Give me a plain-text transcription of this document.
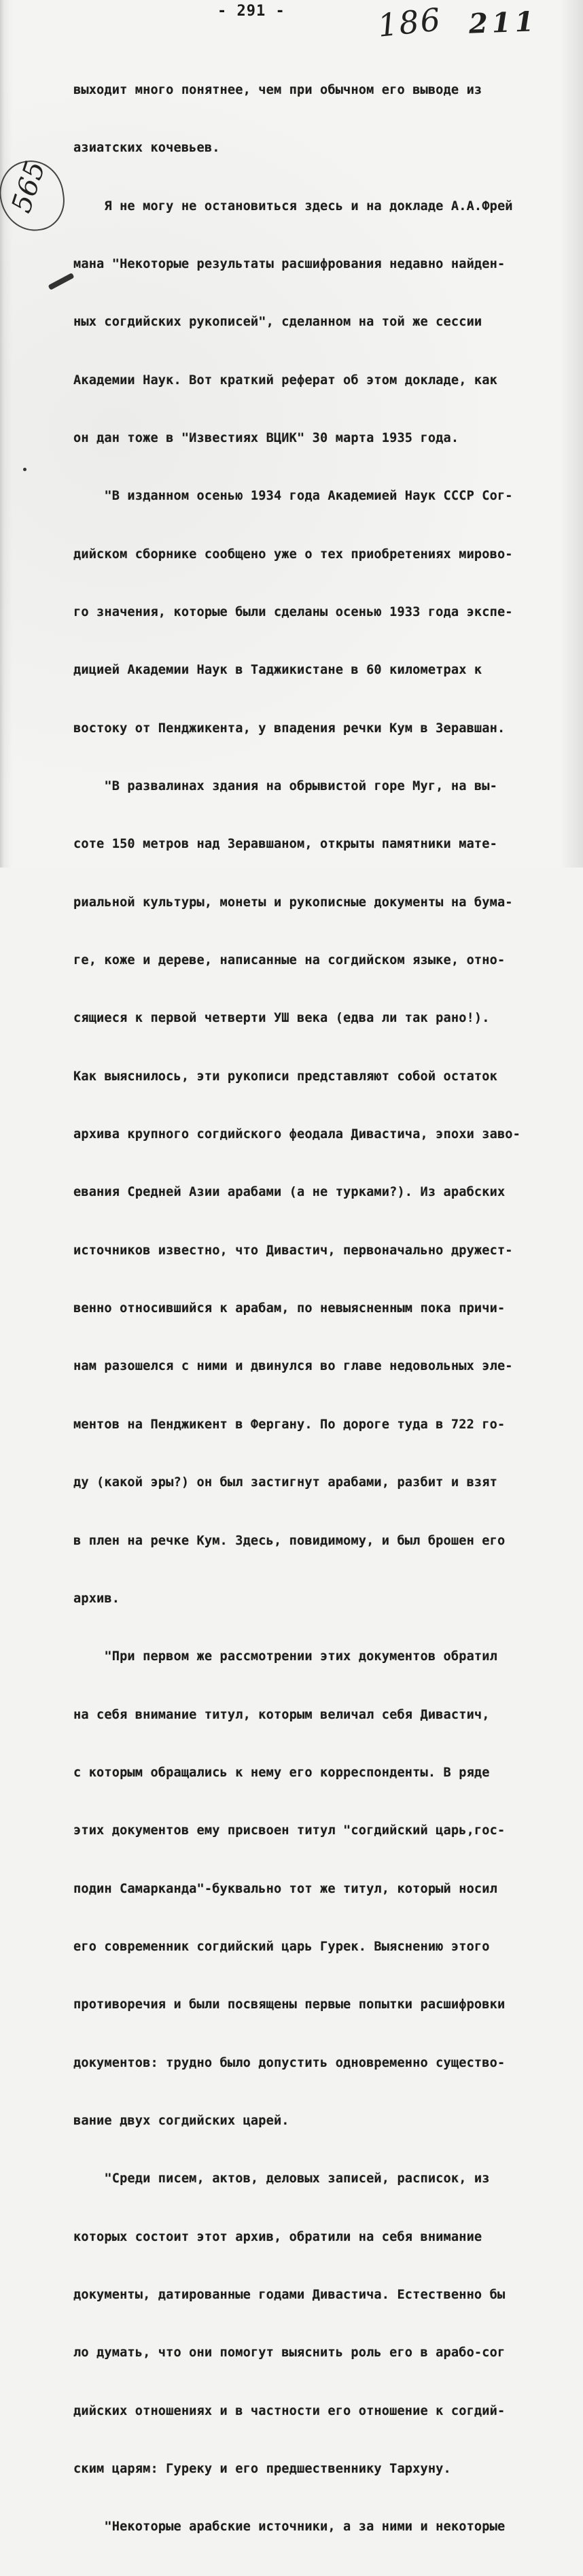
- 291 -	186 211
565

выходит много понятнее, чем при обычном его выводе из

азиатских кочевьев.

Я не могу не остановиться здесь и на докладе А.А.Фрей

мана "Некоторые результаты расшифрования недавно найден-

ных согдийских рукописей", сделанном на той же сессии

Академии Наук. Вот краткий реферат об этом докладе, как

он дан тоже в "Известиях ВЦИК" 30 марта 1935 года.

"В изданном осенью 1934 года Академией Наук СССР Сог-

дийском сборнике сообщено уже о тех приобретениях мирово-

го значения, которые были сделаны осенью 1933 года экспе-

дицией Академии Наук в Таджикистане в 60 километрах к

востоку от Пенджикента, у впадения речки Кум в Зеравшан.

"В развалинах здания на обрывистой горе Муг, на вы-

соте 150 метров над Зеравшаном, открыты памятники мате-

риальной культуры, монеты и рукописные документы на бума-

ге, коже и дереве, написанные на согдийском языке, отно-

сящиеся к первой четверти УШ века (едва ли так рано!).

Как выяснилось, эти рукописи представляют собой остаток

архива крупного согдийского феодала Дивастича, эпохи заво-

евания Средней Азии арабами (а не турками?). Из арабских

источников известно, что Дивастич, первоначально дружест-

венно относившийся к арабам, по невыясненным пока причи-

нам разошелся с ними и двинулся во главе недовольных эле-

ментов на Пенджикент в Фергану. По дороге туда в 722 го-

ду (какой эры?) он был застигнут арабами, разбит и взят

в плен на речке Кум. Здесь, повидимому, и был брошен его

архив.

"При первом же рассмотрении этих документов обратил

на себя внимание титул, которым величал себя Дивастич,

с которым обращались к нему его корреспонденты. В ряде

этих документов ему присвоен титул "согдийский царь,гос-

подин Самарканда"-буквально тот же титул, который носил

его современник согдийский царь Гурек. Выяснению этого

противоречия и были посвящены первые попытки расшифровки

документов: трудно было допустить одновременно существо-

вание двух согдийских царей.

"Среди писем, актов, деловых записей, расписок, из

которых состоит этот архив, обратили на себя внимание

документы, датированные годами Дивастича. Естественно бы

ло думать, что они помогут выяснить роль его в арабо-сог

дийских отношениях и в частности его отношение к согдий-

ским царям: Гуреку и его предшественнику Тархуну.

"Некоторые арабские источники, а за ними и некоторые
